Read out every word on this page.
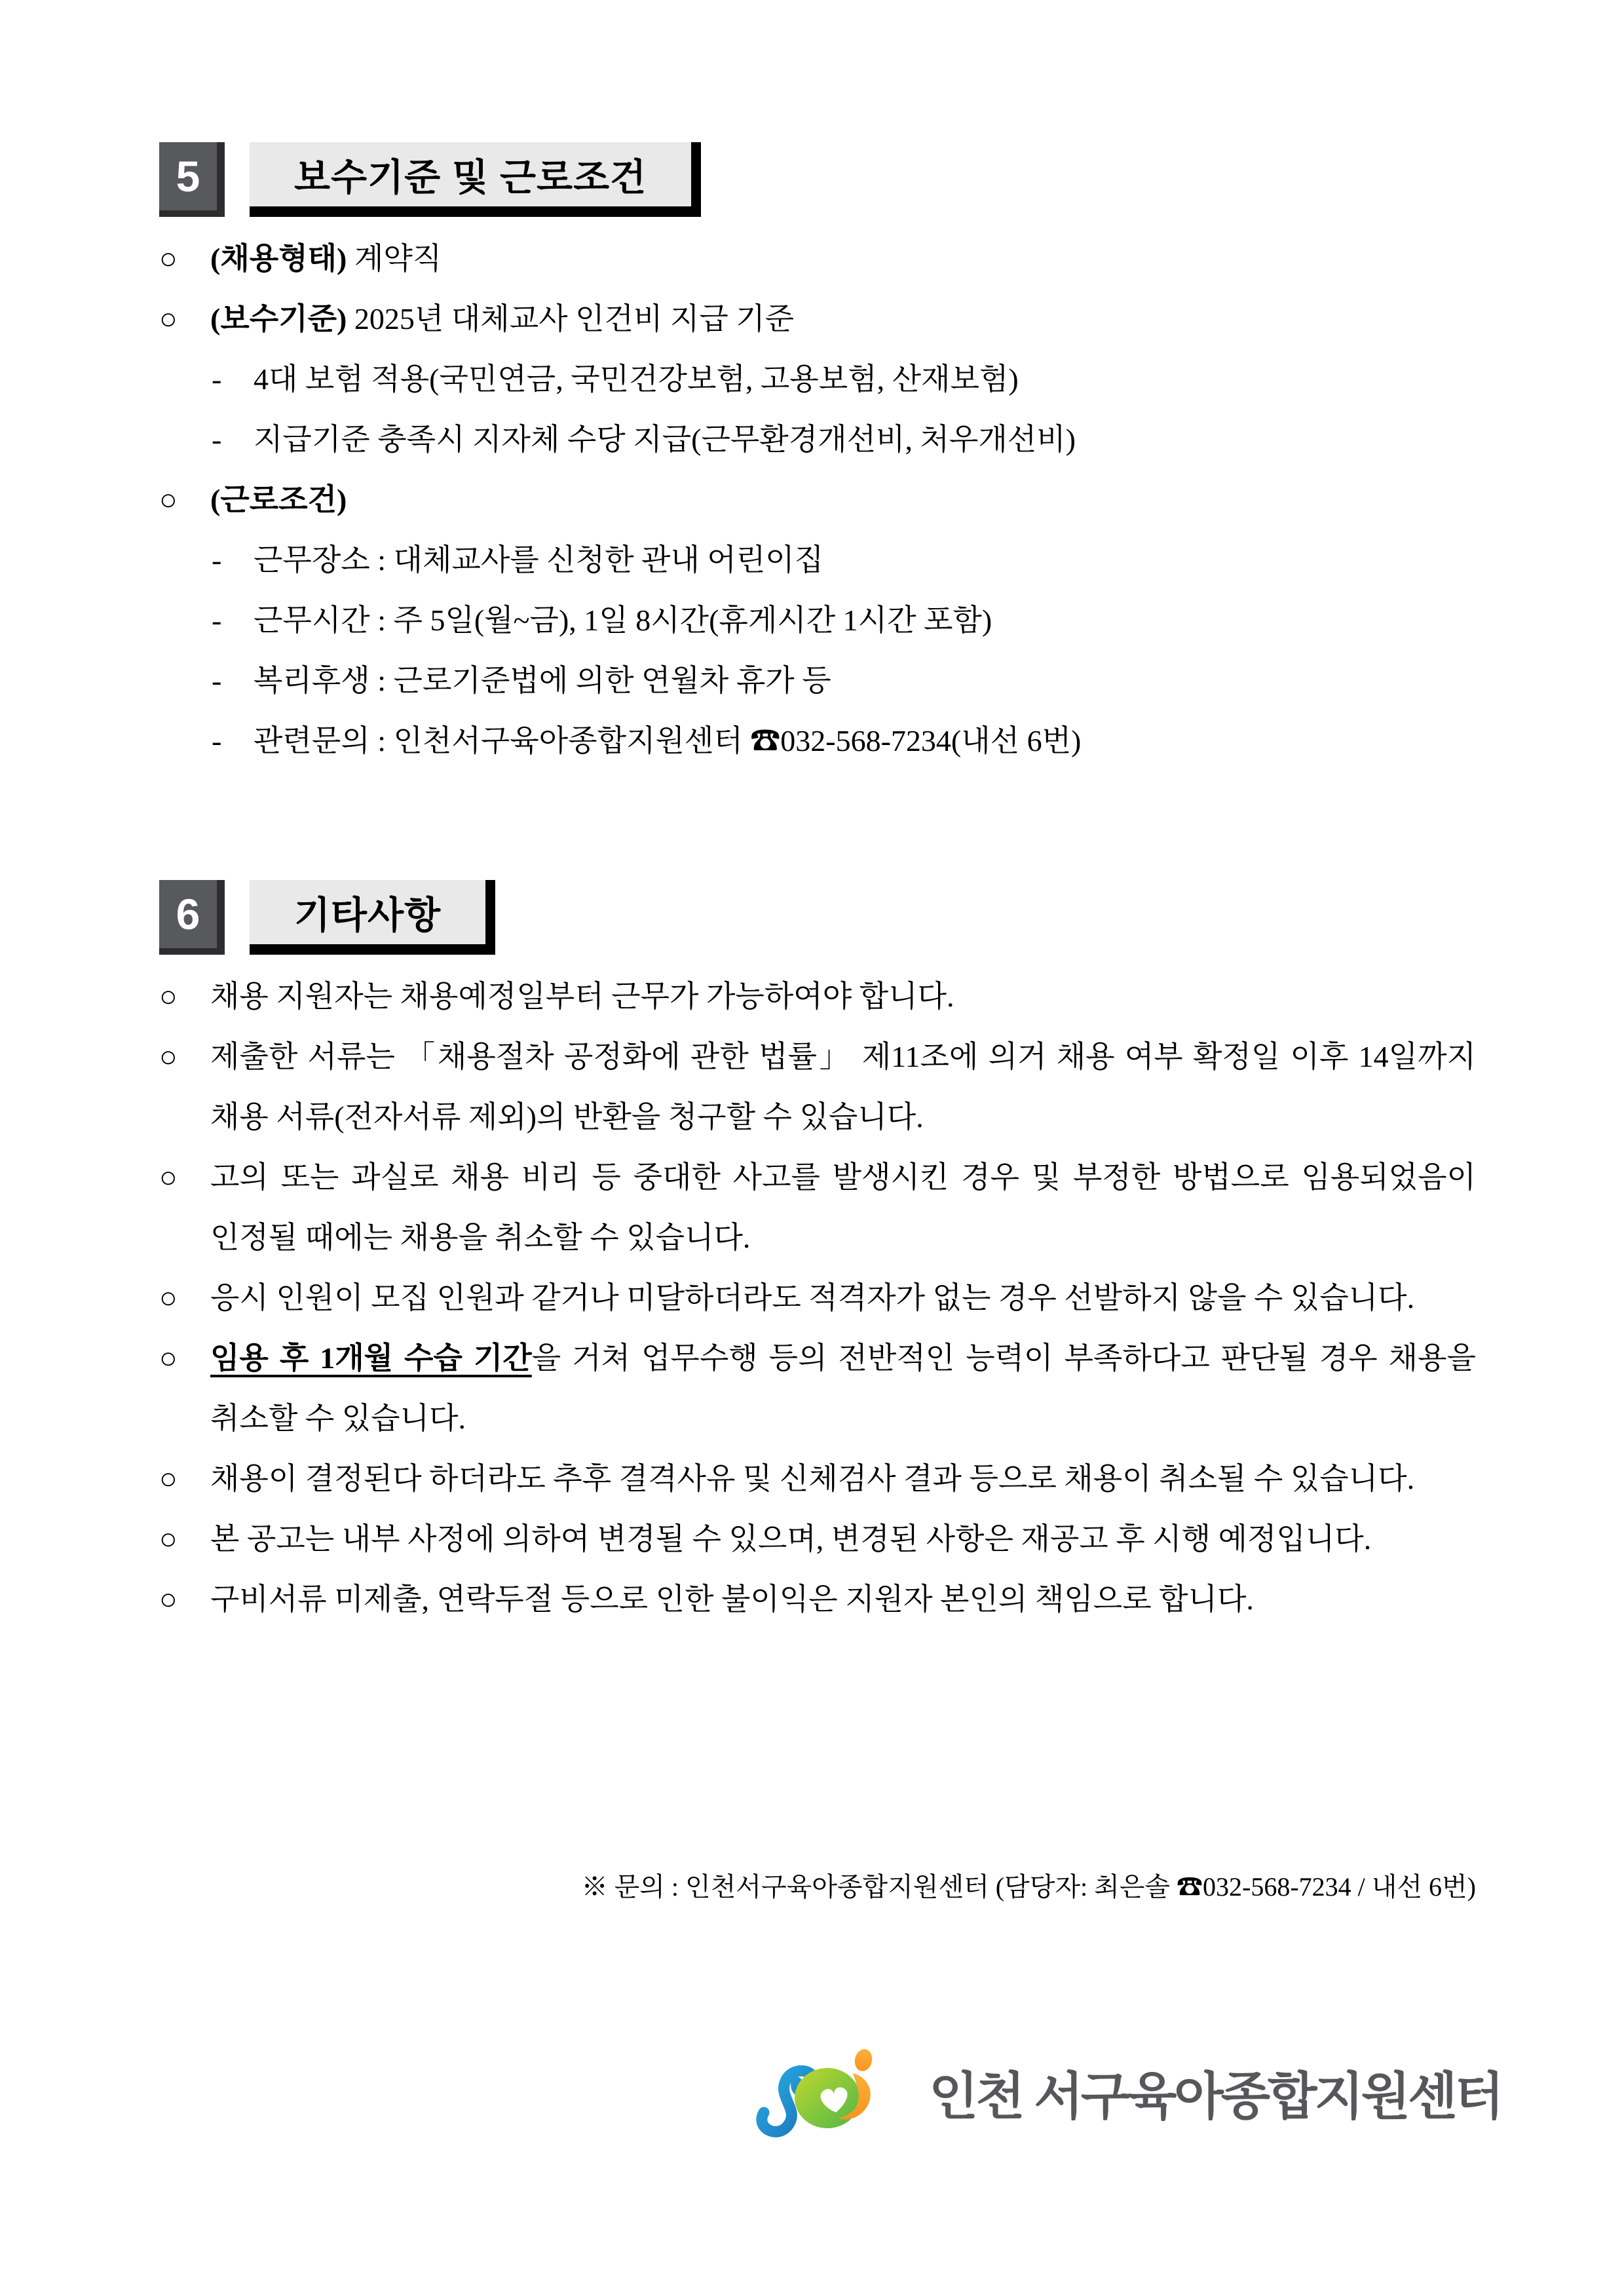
5	보수기준 및 근로조건
○ (채용형태) 계약직
○ (보수기준) 2025년 대체교사 인건비 지급 기준
- 4대 보험 적용(국민연금, 국민건강보험, 고용보험, 산재보험)
- 지급기준 충족시 지자체 수당 지급(근무환경개선비, 처우개선비)
○ (근로조건)
- 근무장소 : 대체교사를 신청한 관내 어린이집
- 근무시간 : 주 5일(월~금), 1일 8시간(휴게시간 1시간 포함)
- 복리후생 : 근로기준법에 의한 연월차 휴가 등
- 관련문의 : 인천서구육아종합지원센터 ☎032-568-7234(내선 6번)
6	기타사항
○ 채용 지원자는 채용예정일부터 근무가 가능하여야 합니다.
○ 제출한 서류는 「채용절차 공정화에 관한 법률」 제11조에 의거 채용 여부 확정일 이후 14일까지 채용 서류(전자서류 제외)의 반환을 청구할 수 있습니다.
○ 고의 또는 과실로 채용 비리 등 중대한 사고를 발생시킨 경우 및 부정한 방법으로 임용되었음이 인정될 때에는 채용을 취소할 수 있습니다.
○ 응시 인원이 모집 인원과 같거나 미달하더라도 적격자가 없는 경우 선발하지 않을 수 있습니다.
○ 임용 후 1개월 수습 기간을 거쳐 업무수행 등의 전반적인 능력이 부족하다고 판단될 경우 채용을 취소할 수 있습니다.
○ 채용이 결정된다 하더라도 추후 결격사유 및 신체검사 결과 등으로 채용이 취소될 수 있습니다.
○ 본 공고는 내부 사정에 의하여 변경될 수 있으며, 변경된 사항은 재공고 후 시행 예정입니다.
○ 구비서류 미제출, 연락두절 등으로 인한 불이익은 지원자 본인의 책임으로 합니다.
※ 문의 : 인천서구육아종합지원센터 (담당자: 최은솔 ☎032-568-7234 / 내선 6번)
인천 서구육아종합지원센터
